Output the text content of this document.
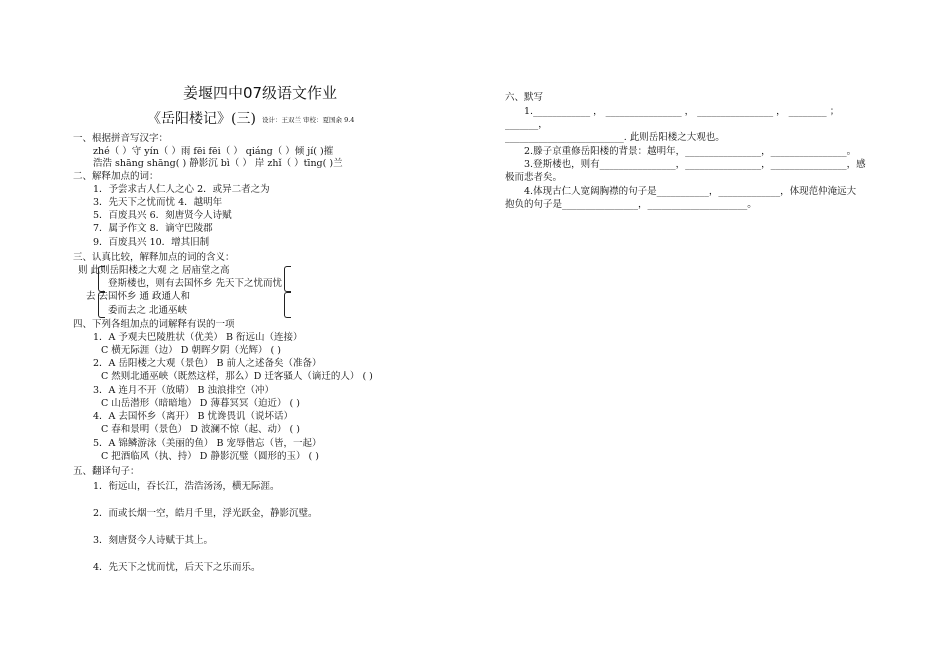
姜堰四中07级语文作业
《岳阳楼记》(三) 设计：王双兰 审校：夏国余 9.4
一、根据拼音写汉字：
zhé（ ）守 yín（ ）雨 fēi fēi（ ） qiáng（ ）倾 jí( )摧
浩浩 shāng shāng( ) 静影沉 bì（ ） 岸 zhǐ（ ）tīng( )兰
二、解释加点的词：
1．予尝求古人仁人之心 2．或异二者之为
3．先天下之忧而忧 4．越明年
5．百废具兴 6．刻唐贤今人诗赋
7．属予作文 8．谪守巴陵郡
9．百废具兴 10．增其旧制
三、认真比较，解释加点的词的含义：
则 此则岳阳楼之大观 之 居庙堂之高
登斯楼也，则有去国怀乡 先天下之忧而忧
去 去国怀乡 通 政通人和
委而去之 北通巫峡
四、下列各组加点的词解释有误的一项
1．A 予观夫巴陵胜状（优美） B 衔远山（连接）
C 横无际涯（边） D 朝晖夕阴（光辉） ( )
2．A 岳阳楼之大观（景色） B 前人之述备矣（准备）
C 然则北通巫峡（既然这样，那么）D 迁客骚人（谪迁的人） ( )
3．A 连月不开（放晴） B 浊浪排空（冲）
C 山岳潜形（暗暗地） D 薄暮冥冥（迫近） ( )
4．A 去国怀乡（离开） B 忧谗畏讥（说坏话）
C 春和景明（景色） D 波澜不惊（起、动） ( )
5．A 锦鳞游泳（美丽的鱼） B 宠辱偕忘（皆，一起）
C 把酒临风（执、持） D 静影沉璧（圆形的玉） ( )
五、翻译句子：
1．衔远山，吞长江，浩浩汤汤，横无际涯。
2．而或长烟一空，皓月千里，浮光跃金，静影沉璧。
3．刻唐贤今人诗赋于其上。
4．先天下之忧而忧，后天下之乐而乐。
六、默写
1.____________ ， ________________ ， ________________ ， ________ ；
_______，
_________________________. 此则岳阳楼之大观也。
2.滕子京重修岳阳楼的背景：越明年，________________，________________。
3.登斯楼也，则有________________，________________，________________，感
极而悲者矣。
4.体现古仁人宽阔胸襟的句子是___________，_____________，体现范仲淹远大
抱负的句子是________________，_____________________。
